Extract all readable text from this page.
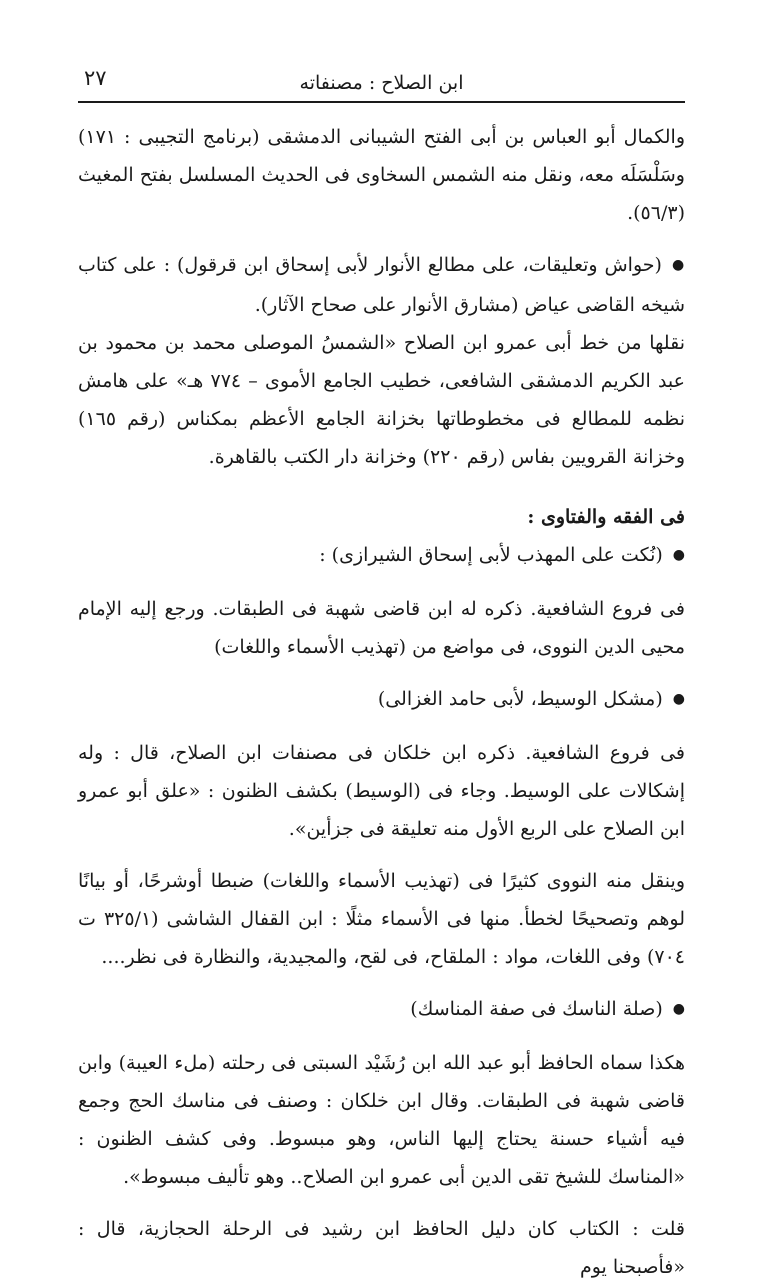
٢٧	ابن الصلاح : مصنفاته

والكمال أبو العباس بن أبى الفتح الشيبانى الدمشقى (برنامج التجيبى : ١٧١) وسَلْسَلَه معه، ونقل منه الشمس السخاوى فى الحديث المسلسل بفتح المغيث (٥٦/٣).

● (حواش وتعليقات، على مطالع الأنوار لأبى إسحاق ابن قرقول) : على كتاب شيخه القاضى عياض (مشارق الأنوار على صحاح الآثار).

نقلها من خط أبى عمرو ابن الصلاح «الشمسُ الموصلى محمد بن محمود بن عبد الكريم الدمشقى الشافعى، خطيب الجامع الأموى – ٧٧٤ هـ» على هامش نظمه للمطالع فى مخطوطاتها بخزانة الجامع الأعظم بمكناس (رقم ١٦٥) وخزانة القرويين بفاس (رقم ٢٢٠) وخزانة دار الكتب بالقاهرة.

فى الفقه والفتاوى :

● (نُكت على المهذب لأبى إسحاق الشيرازى) :

فى فروع الشافعية. ذكره له ابن قاضى شهبة فى الطبقات. ورجع إليه الإمام محيى الدين النووى، فى مواضع من (تهذيب الأسماء واللغات)

● (مشكل الوسيط، لأبى حامد الغزالى)

فى فروع الشافعية. ذكره ابن خلكان فى مصنفات ابن الصلاح، قال : وله إشكالات على الوسيط. وجاء فى (الوسيط) بكشف الظنون : «علق أبو عمرو ابن الصلاح على الربع الأول منه تعليقة فى جزأين».

وينقل منه النووى كثيرًا فى (تهذيب الأسماء واللغات) ضبطا أوشرحًا، أو بيانًا لوهم وتصحيحًا لخطأ. منها فى الأسماء مثلًا : ابن القفال الشاشى (٣٢٥/١ ت ٧٠٤) وفى اللغات، مواد : الملقاح، فى لقح، والمجيدية، والنظارة فى نظر....

● (صلة الناسك فى صفة المناسك)

هكذا سماه الحافظ أبو عبد الله ابن رُشَيْد السبتى فى رحلته (ملء العيبة) وابن قاضى شهبة فى الطبقات. وقال ابن خلكان : وصنف فى مناسك الحج وجمع فيه أشياء حسنة يحتاج إليها الناس، وهو مبسوط. وفى كشف الظنون : «المناسك للشيخ تقى الدين أبى عمرو ابن الصلاح.. وهو تأليف مبسوط».

قلت : الكتاب كان دليل الحافظ ابن رشيد فى الرحلة الحجازية، قال : «فأصبحنا يوم
